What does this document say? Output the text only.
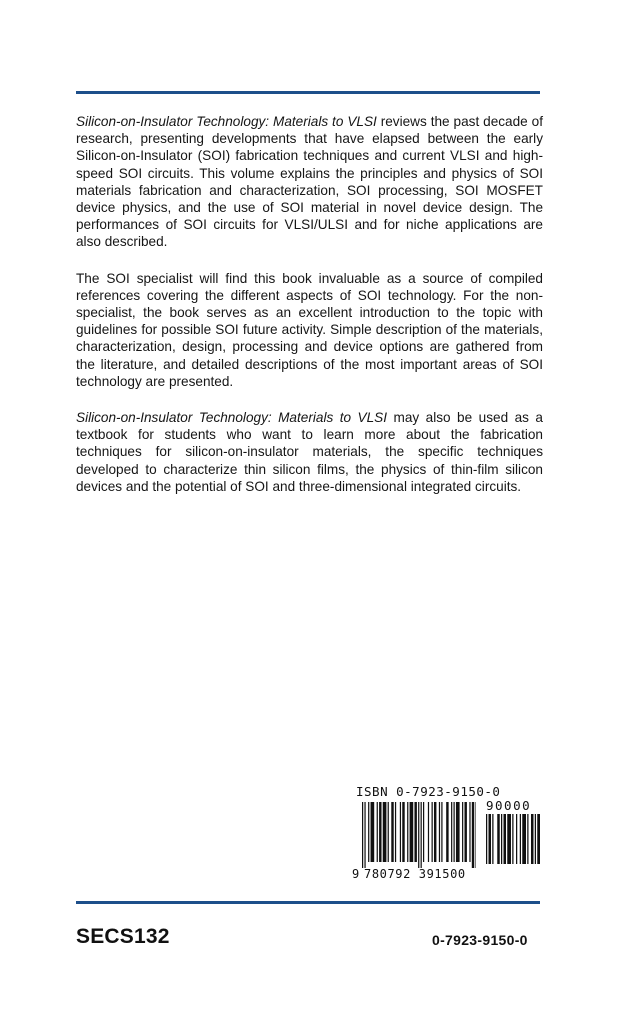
Silicon-on-Insulator Technology: Materials to VLSI reviews the past decade of research, presenting developments that have elapsed between the early Silicon-on-Insulator (SOI) fabrication techniques and current VLSI and high-speed SOI circuits. This volume explains the principles and physics of SOI materials fabrication and characterization, SOI processing, SOI MOSFET device physics, and the use of SOI material in novel device design. The performances of SOI circuits for VLSI/ULSI and for niche applications are also described.

The SOI specialist will find this book invaluable as a source of compiled references covering the different aspects of SOI technology. For the non-specialist, the book serves as an excellent introduction to the topic with guidelines for possible SOI future activity. Simple description of the materials, characterization, design, processing and device options are gathered from the literature, and detailed descriptions of the most important areas of SOI technology are presented.

Silicon-on-Insulator Technology: Materials to VLSI may also be used as a textbook for students who want to learn more about the fabrication techniques for silicon-on-insulator materials, the specific techniques developed to characterize thin silicon films, the physics of thin-film silicon devices and the potential of SOI and three-dimensional integrated circuits.

ISBN 0-7923-9150-0
90000
9 780792 391500
SECS132	0-7923-9150-0
